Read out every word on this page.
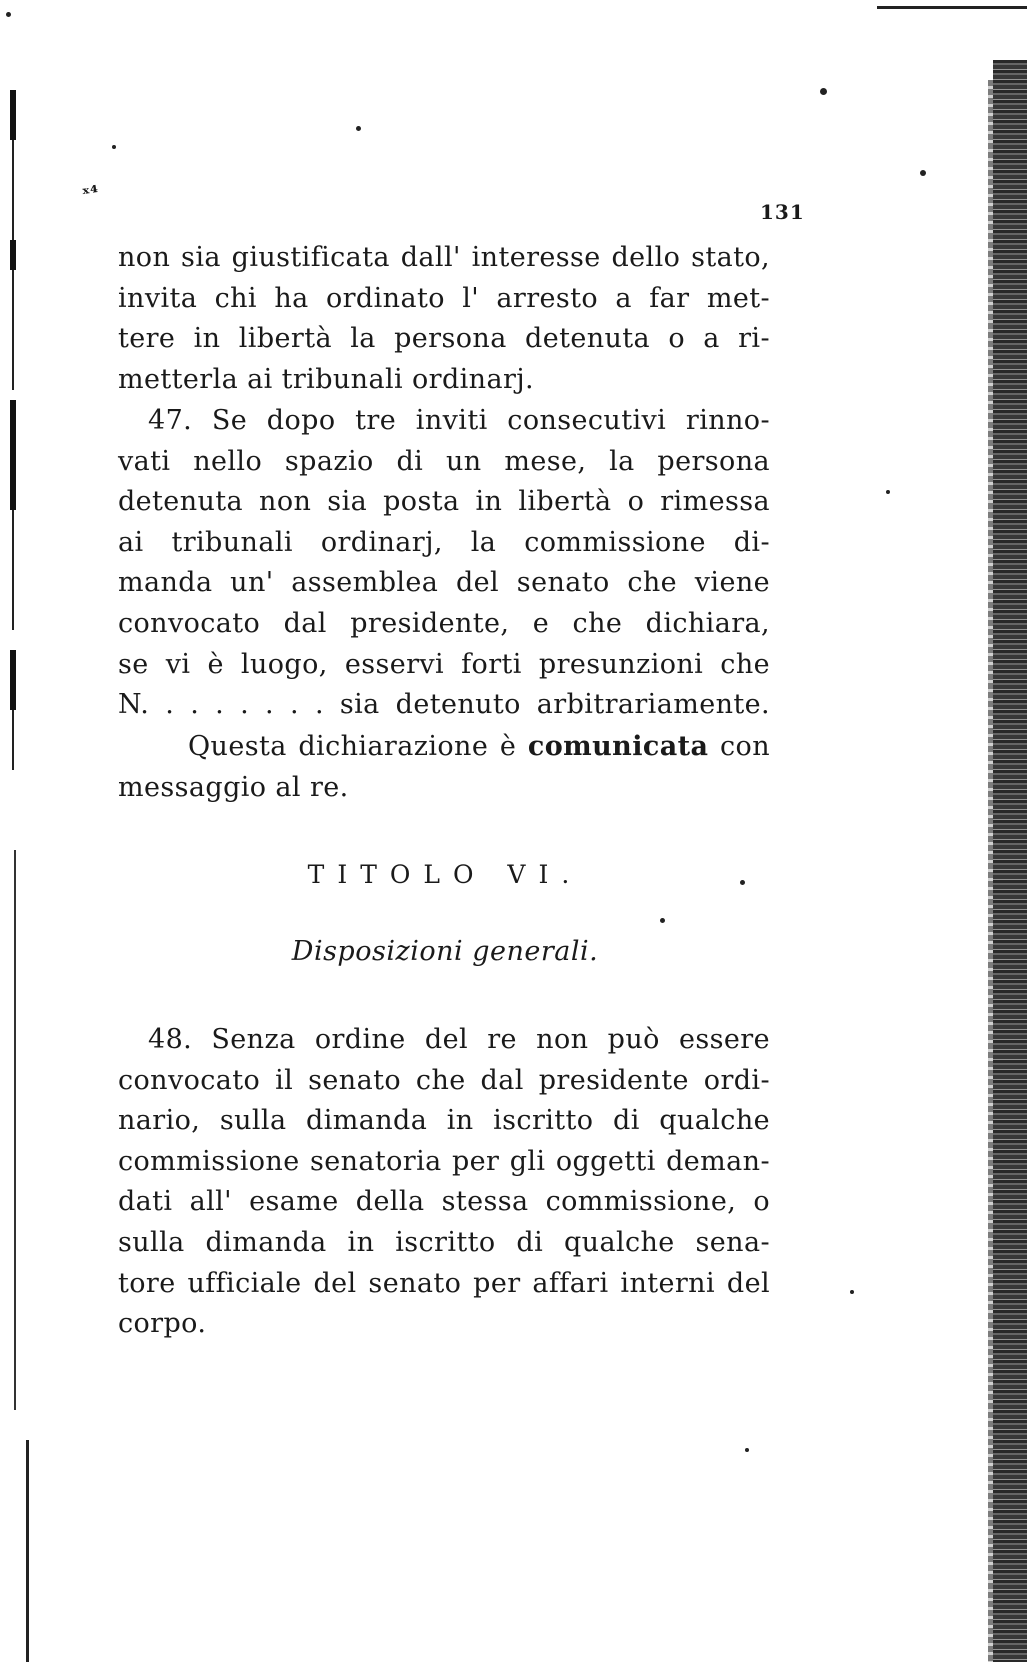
ˣ⁴
131
non sia giustificata dall' interesse dello stato,
invita chi ha ordinato l' arresto a far met-
tere in libertà la persona detenuta o a ri-
metterla ai tribunali ordinarj.
47. Se dopo tre inviti consecutivi rinno-
vati nello spazio di un mese, la persona
detenuta non sia posta in libertà o rimessa
ai tribunali ordinarj, la commissione di-
manda un' assemblea del senato che viene
convocato dal presidente, e che dichiara,
se vi è luogo, esservi forti presunzioni che
N. . . . . . . . sia detenuto arbitrariamente.
Questa dichiarazione è comunicata con
messaggio al re.
TITOLO VI.
Disposizioni generali.
48. Senza ordine del re non può essere
convocato il senato che dal presidente ordi-
nario, sulla dimanda in iscritto di qualche
commissione senatoria per gli oggetti deman-
dati all' esame della stessa commissione, o
sulla dimanda in iscritto di qualche sena-
tore ufficiale del senato per affari interni del
corpo.
